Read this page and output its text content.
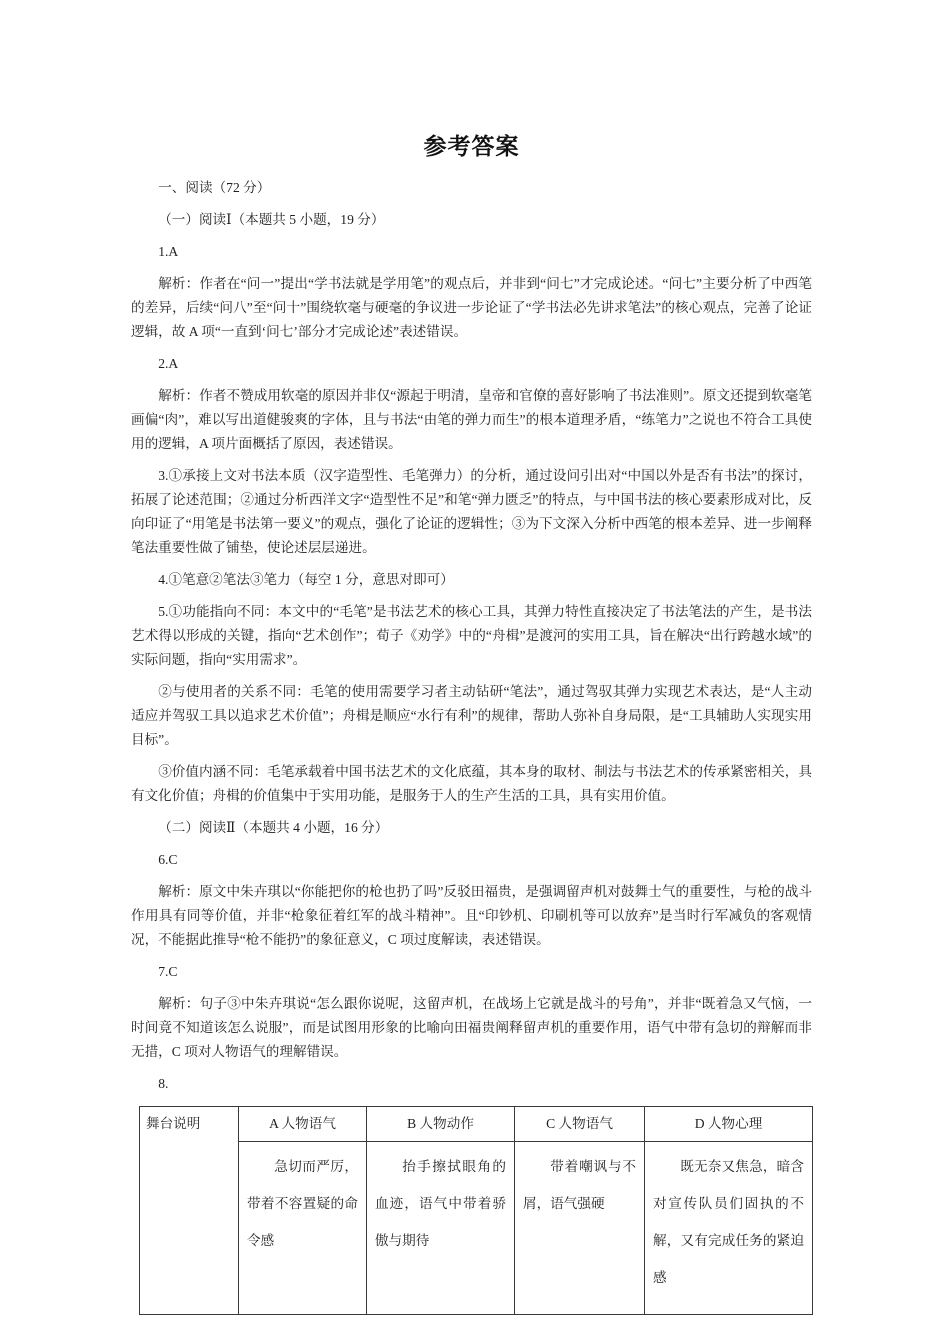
参考答案

一、阅读（72 分）

（一）阅读Ⅰ（本题共 5 小题，19 分）

1.A

解析：作者在“问一”提出“学书法就是学用笔”的观点后，并非到“问七”才完成论述。“问七”主要分析了中西笔的差异，后续“问八”至“问十”围绕软毫与硬毫的争议进一步论证了“学书法必先讲求笔法”的核心观点，完善了论证逻辑，故 A 项“一直到‘问七’部分才完成论述”表述错误。

2.A

解析：作者不赞成用软毫的原因并非仅“源起于明清，皇帝和官僚的喜好影响了书法准则”。原文还提到软毫笔画偏“肉”，难以写出道健骏爽的字体，且与书法“由笔的弹力而生”的根本道理矛盾，“练笔力”之说也不符合工具使用的逻辑，A 项片面概括了原因，表述错误。

3.①承接上文对书法本质（汉字造型性、毛笔弹力）的分析，通过设问引出对“中国以外是否有书法”的探讨，拓展了论述范围；②通过分析西洋文字“造型性不足”和笔“弹力匮乏”的特点，与中国书法的核心要素形成对比，反向印证了“用笔是书法第一要义”的观点，强化了论证的逻辑性；③为下文深入分析中西笔的根本差异、进一步阐释笔法重要性做了铺垫，使论述层层递进。

4.①笔意②笔法③笔力（每空 1 分，意思对即可）

5.①功能指向不同：本文中的“毛笔”是书法艺术的核心工具，其弹力特性直接决定了书法笔法的产生，是书法艺术得以形成的关键，指向“艺术创作”；荀子《劝学》中的“舟楫”是渡河的实用工具，旨在解决“出行跨越水域”的实际问题，指向“实用需求”。

②与使用者的关系不同：毛笔的使用需要学习者主动钻研“笔法”，通过驾驭其弹力实现艺术表达，是“人主动适应并驾驭工具以追求艺术价值”；舟楫是顺应“水行有利”的规律，帮助人弥补自身局限，是“工具辅助人实现实用目标”。

③价值内涵不同：毛笔承载着中国书法艺术的文化底蕴，其本身的取材、制法与书法艺术的传承紧密相关，具有文化价值；舟楫的价值集中于实用功能，是服务于人的生产生活的工具，具有实用价值。

（二）阅读Ⅱ（本题共 4 小题，16 分）

6.C

解析：原文中朱卉琪以“你能把你的枪也扔了吗”反驳田福贵，是强调留声机对鼓舞士气的重要性，与枪的战斗作用具有同等价值，并非“枪象征着红军的战斗精神”。且“印钞机、印刷机等可以放弃”是当时行军减负的客观情况，不能据此推导“枪不能扔”的象征意义，C 项过度解读，表述错误。

7.C

解析：句子③中朱卉琪说“怎么跟你说呢，这留声机，在战场上它就是战斗的号角”，并非“既着急又气恼，一时间竟不知道该怎么说服”，而是试图用形象的比喻向田福贵阐释留声机的重要作用，语气中带有急切的辩解而非无措，C 项对人物语气的理解错误。

8.

舞台说明	A 人物语气	B 人物动作	C 人物语气	D 人物心理
	急切而严厉，带着不容置疑的命令感	抬手擦拭眼角的血迹，语气中带着骄傲与期待	带着嘲讽与不屑，语气强硬	既无奈又焦急，暗含对宣传队员们固执的不解，又有完成任务的紧迫感
